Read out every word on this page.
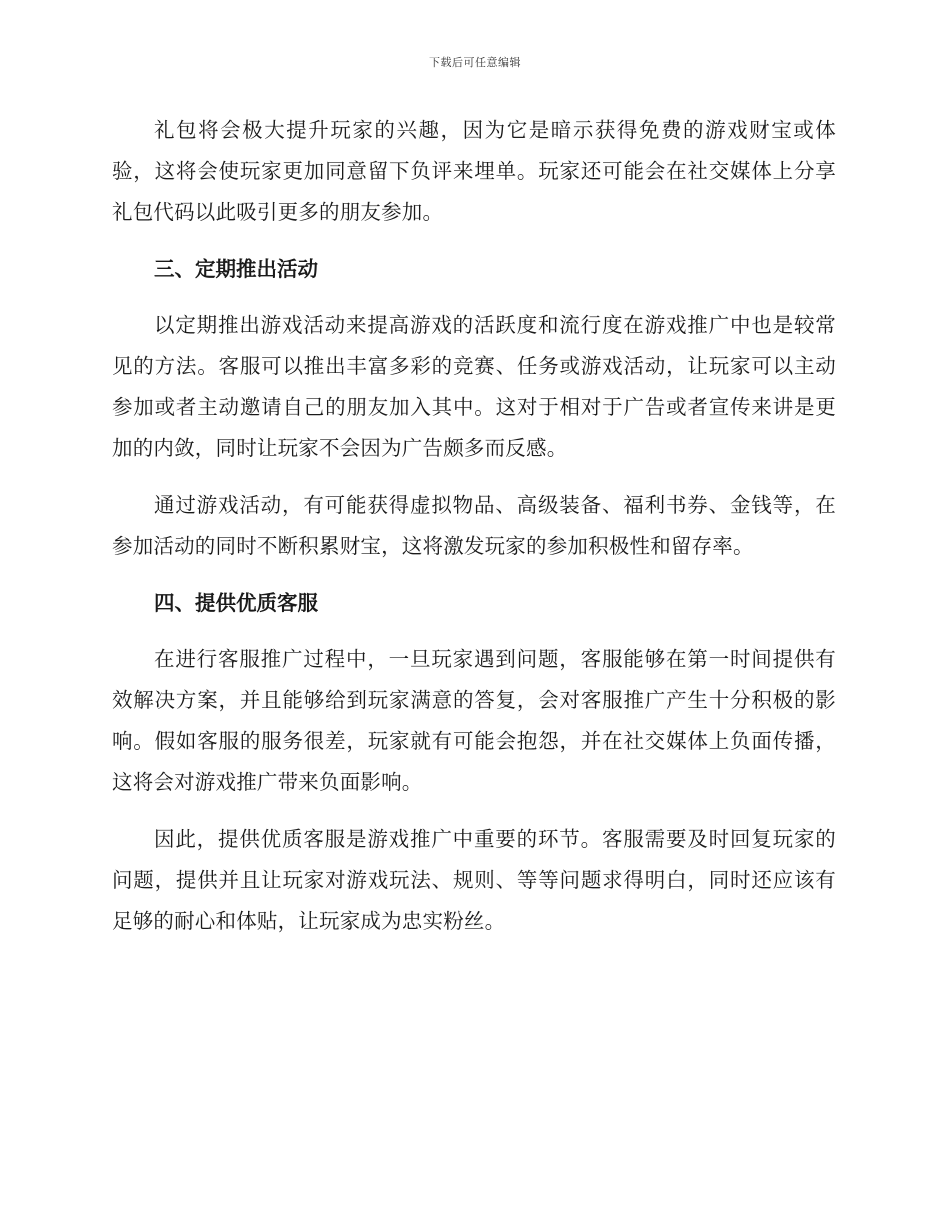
下载后可任意编辑

礼包将会极大提升玩家的兴趣，因为它是暗示获得免费的游戏财宝或体验，这将会使玩家更加同意留下负评来埋单。玩家还可能会在社交媒体上分享礼包代码以此吸引更多的朋友参加。

三、定期推出活动

以定期推出游戏活动来提高游戏的活跃度和流行度在游戏推广中也是较常见的方法。客服可以推出丰富多彩的竞赛、任务或游戏活动，让玩家可以主动参加或者主动邀请自己的朋友加入其中。这对于相对于广告或者宣传来讲是更加的内敛，同时让玩家不会因为广告颇多而反感。

通过游戏活动，有可能获得虚拟物品、高级装备、福利书券、金钱等，在参加活动的同时不断积累财宝，这将激发玩家的参加积极性和留存率。

四、提供优质客服

在进行客服推广过程中，一旦玩家遇到问题，客服能够在第一时间提供有效解决方案，并且能够给到玩家满意的答复，会对客服推广产生十分积极的影响。假如客服的服务很差，玩家就有可能会抱怨，并在社交媒体上负面传播，这将会对游戏推广带来负面影响。

因此，提供优质客服是游戏推广中重要的环节。客服需要及时回复玩家的问题，提供并且让玩家对游戏玩法、规则、等等问题求得明白，同时还应该有足够的耐心和体贴，让玩家成为忠实粉丝。
